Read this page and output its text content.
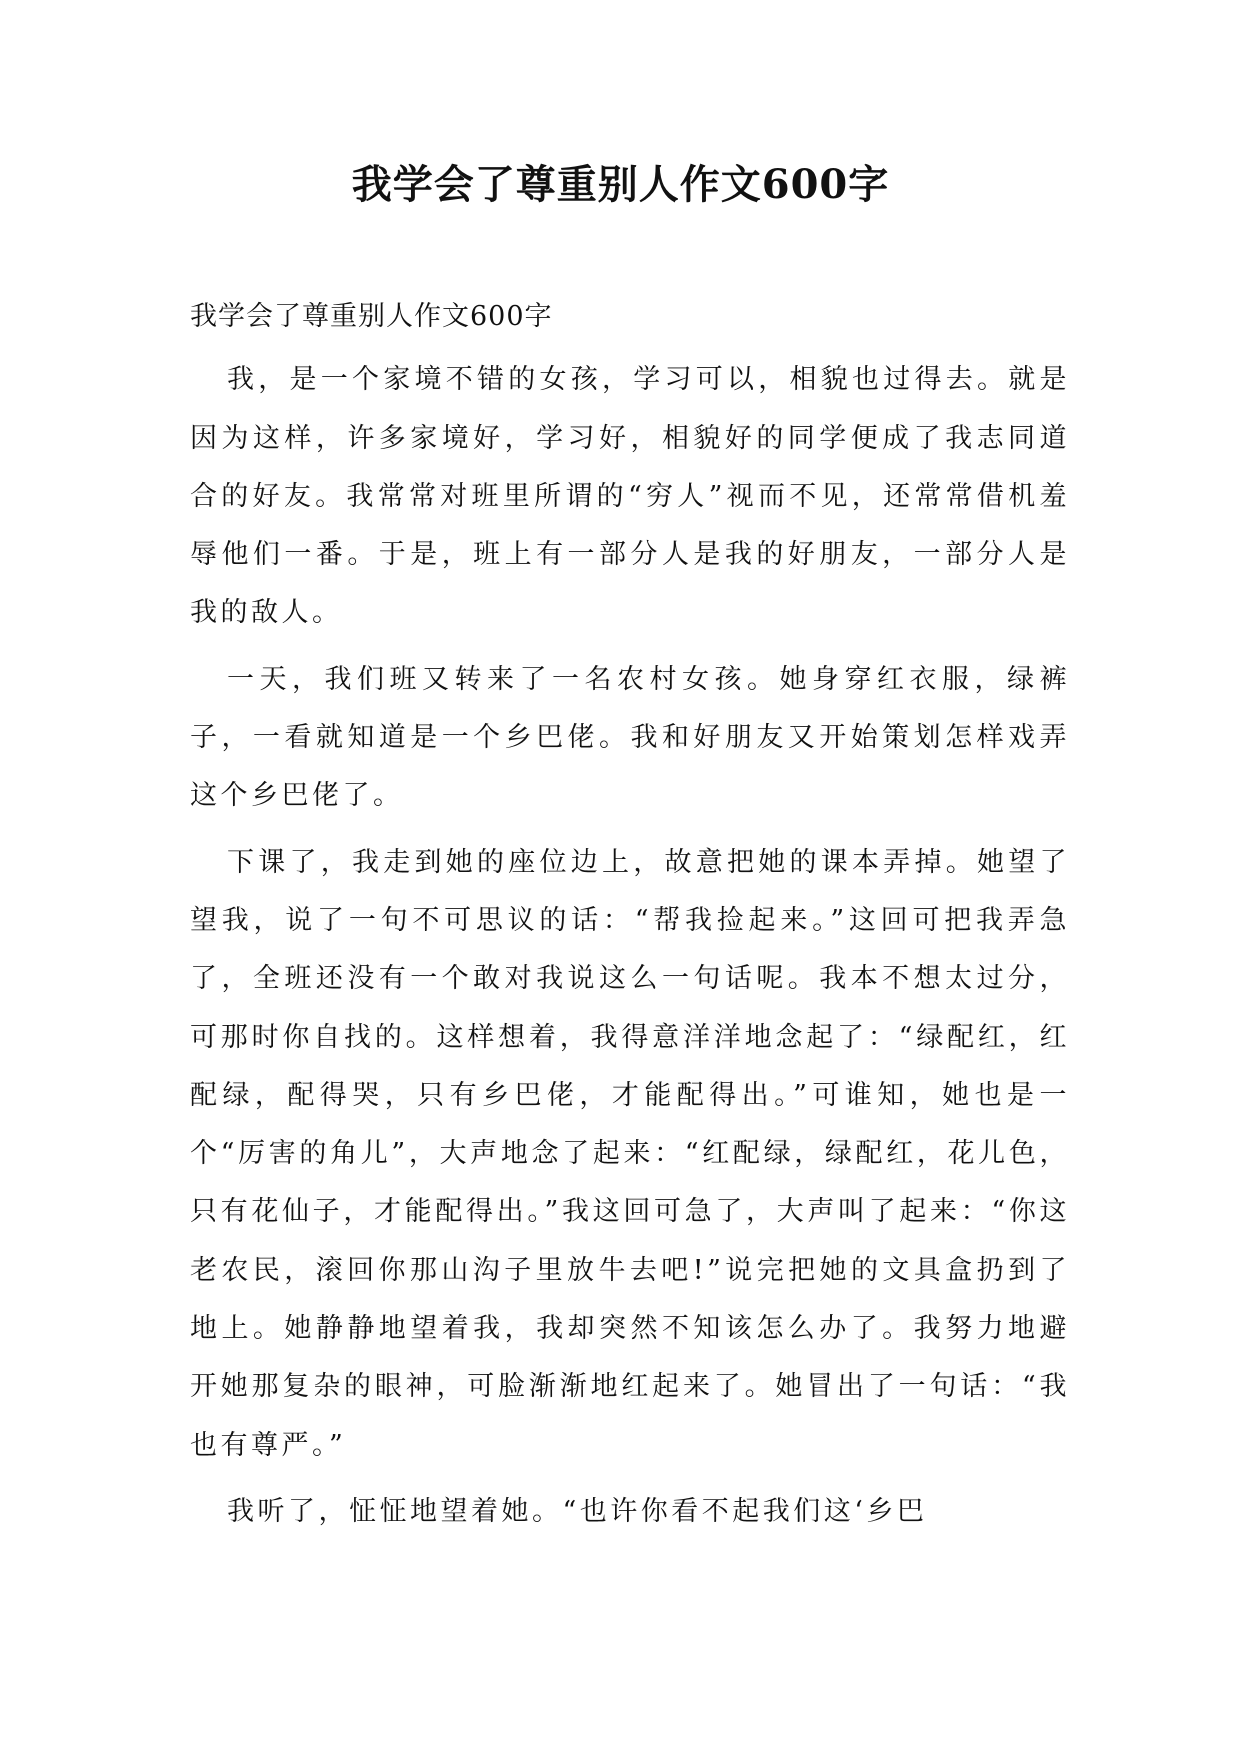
我学会了尊重别人作文600字

我学会了尊重别人作文600字

我，是一个家境不错的女孩，学习可以，相貌也过得去。就是因为这样，许多家境好，学习好，相貌好的同学便成了我志同道合的好友。我常常对班里所谓的“穷人”视而不见，还常常借机羞辱他们一番。于是，班上有一部分人是我的好朋友，一部分人是我的敌人。

一天，我们班又转来了一名农村女孩。她身穿红衣服，绿裤子，一看就知道是一个乡巴佬。我和好朋友又开始策划怎样戏弄这个乡巴佬了。

下课了，我走到她的座位边上，故意把她的课本弄掉。她望了望我，说了一句不可思议的话：“帮我捡起来。”这回可把我弄急了，全班还没有一个敢对我说这么一句话呢。我本不想太过分，可那时你自找的。这样想着，我得意洋洋地念起了：“绿配红，红配绿，配得哭，只有乡巴佬，才能配得出。”可谁知，她也是一个“厉害的角儿”，大声地念了起来：“红配绿，绿配红，花儿色，只有花仙子，才能配得出。”我这回可急了，大声叫了起来：“你这老农民，滚回你那山沟子里放牛去吧!”说完把她的文具盒扔到了地上。她静静地望着我，我却突然不知该怎么办了。我努力地避开她那复杂的眼神，可脸渐渐地红起来了。她冒出了一句话：“我也有尊严。”

我听了，怔怔地望着她。“也许你看不起我们这‘乡巴
